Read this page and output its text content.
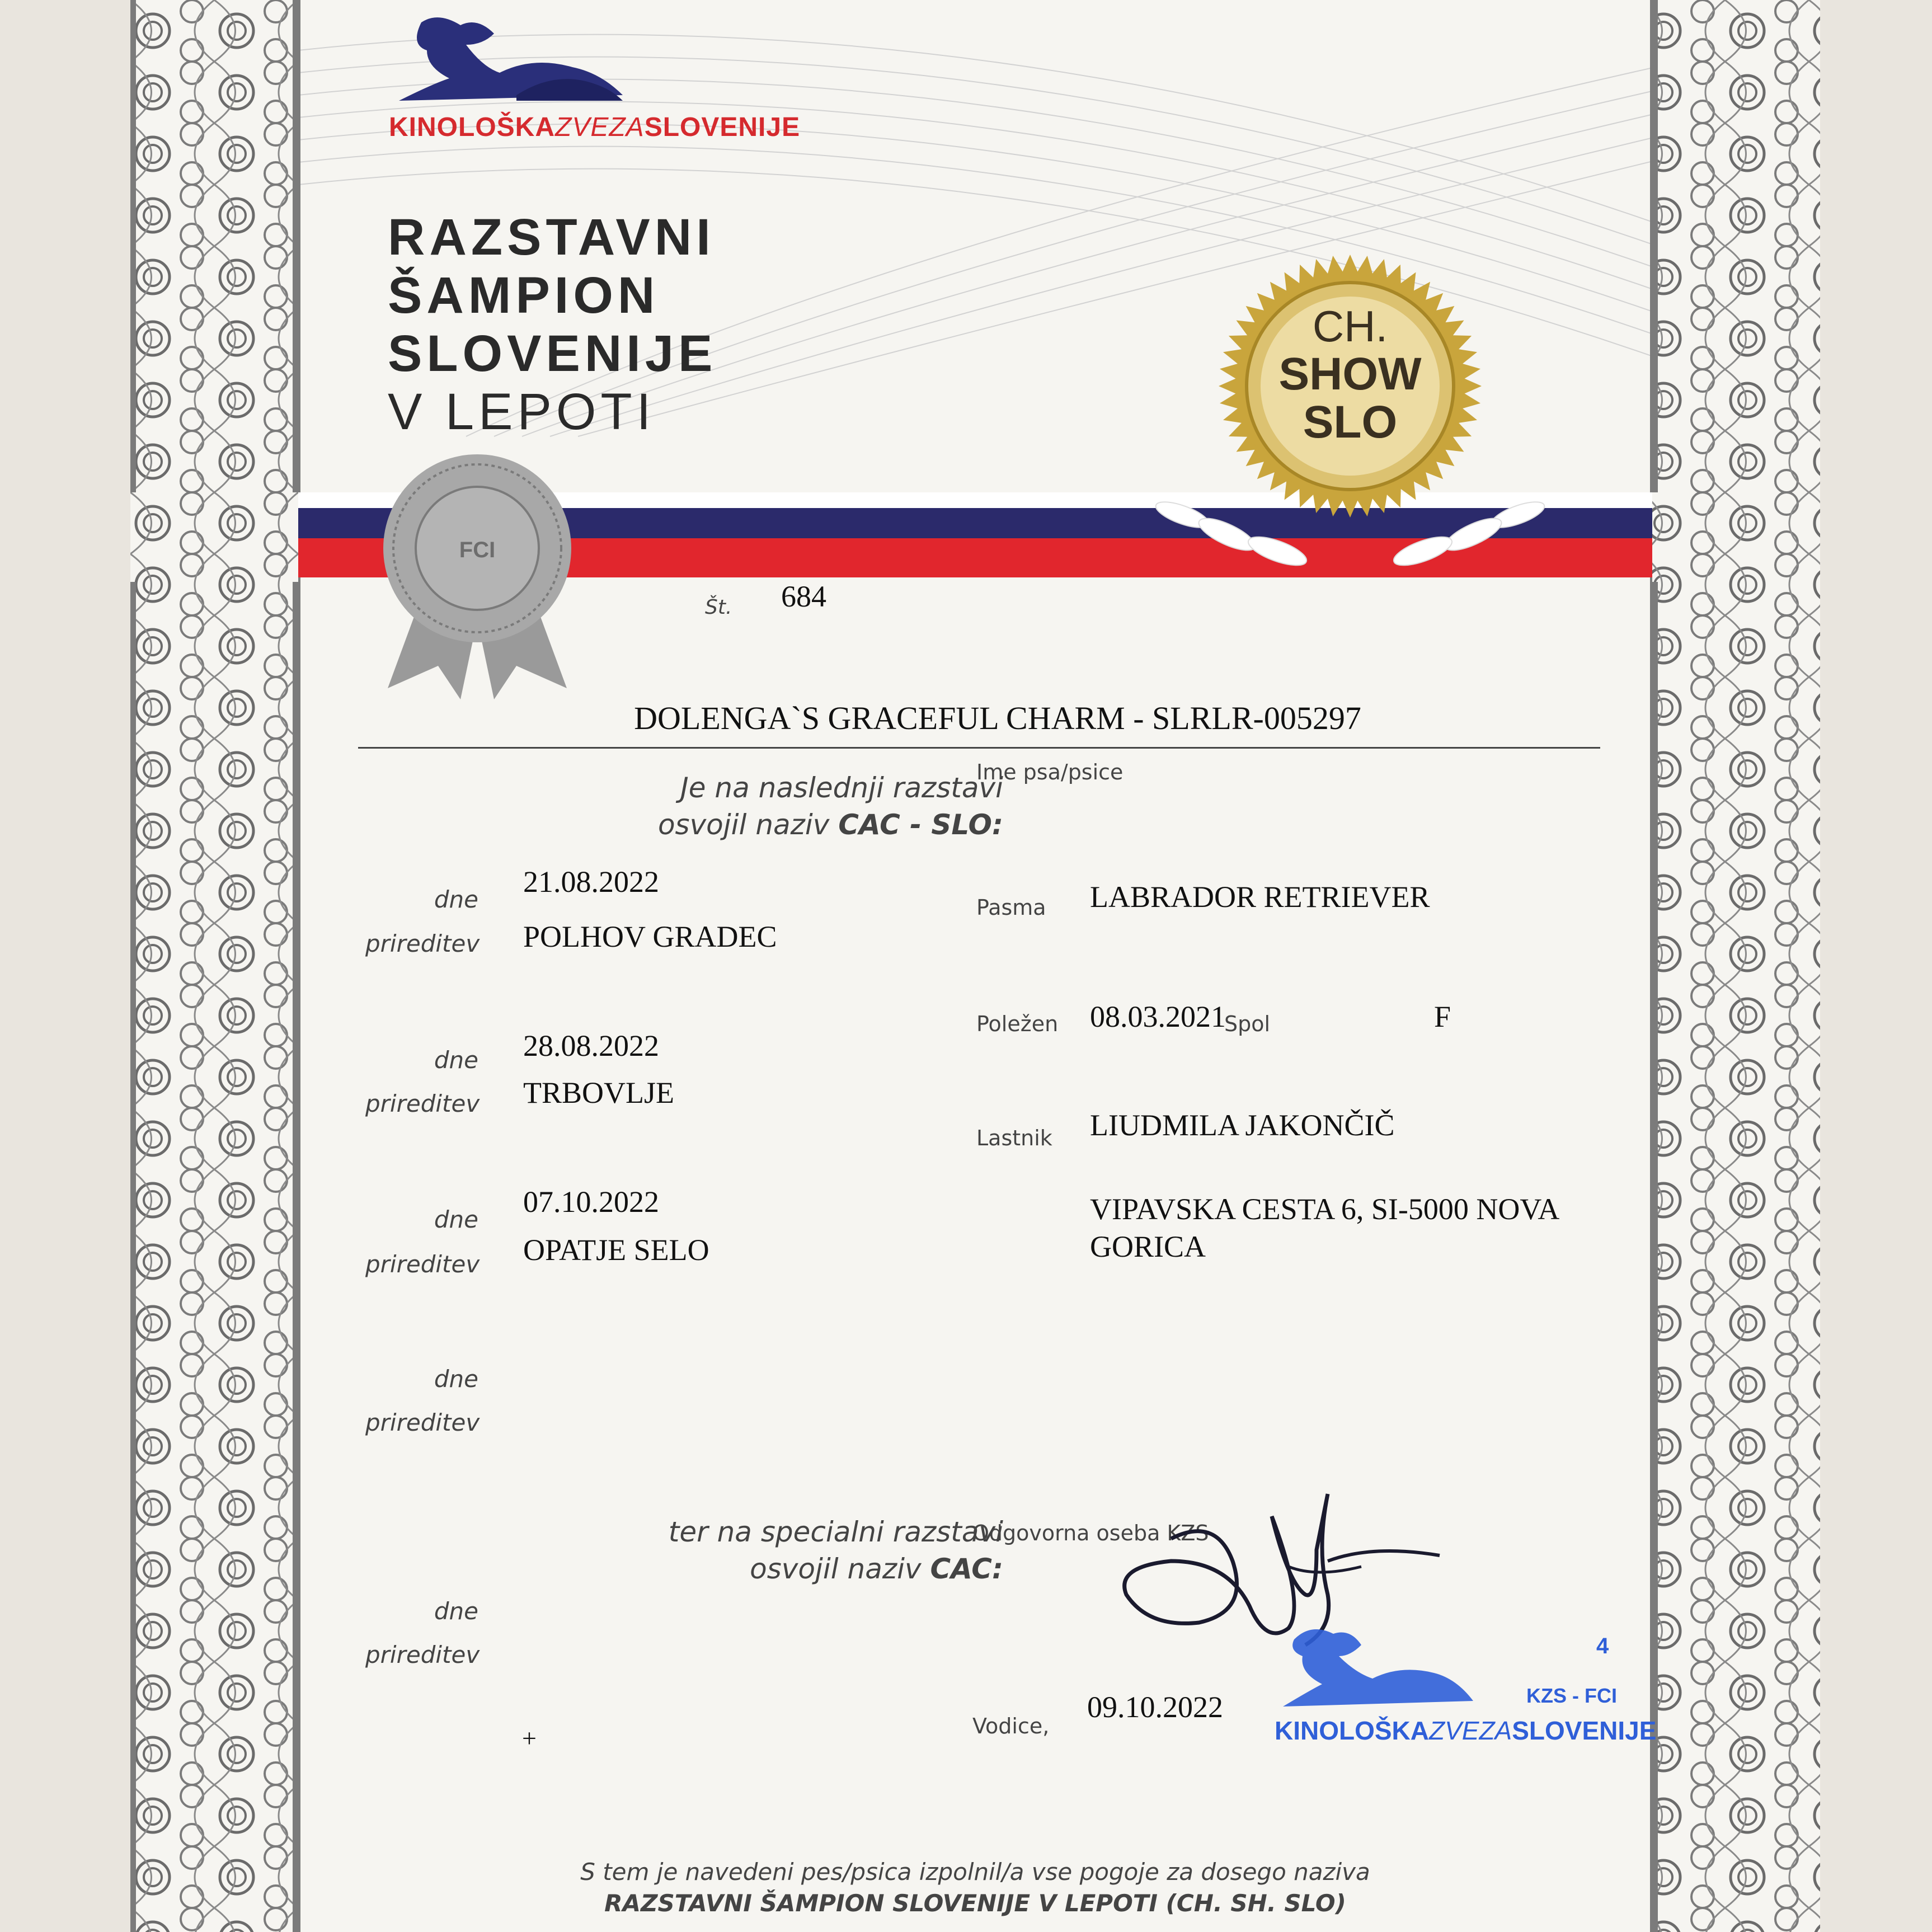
KINOLOŠKAZVEZASLOVENIJE
RAZSTAVNI
ŠAMPION
SLOVENIJE
V LEPOTI
FCI
CH.
SHOW
SLO
Št. 684
DOLENGA`S GRACEFUL CHARM - SLRLR-005297
Ime psa/psice
Je na naslednji razstavi
osvojil naziv CAC - SLO:
dne
21.08.2022
prireditev POLHOV GRADEC
dne 28.08.2022
prireditev TRBOVLJE
dne
07.10.2022
prireditev OPATJE SELO
dne
prireditev
ter na specialni razstavi
osvojil naziv CAC:
dne
prireditev
+
Pasma LABRADOR RETRIEVER
Poležen 08.03.2021
Spol	F
Lastnik LIUDMILA JAKONČIČ
VIPAVSKA CESTA 6, SI-5000 NOVA
GORICA
Odgovorna oseba KZS
Vodice,
09.10.2022
4
KZS - FCI
KINOLOŠKAZVEZASLOVENIJE
S tem je navedeni pes/psica izpolnil/a vse pogoje za dosego naziva
RAZSTAVNI ŠAMPION SLOVENIJE V LEPOTI (CH. SH. SLO)
